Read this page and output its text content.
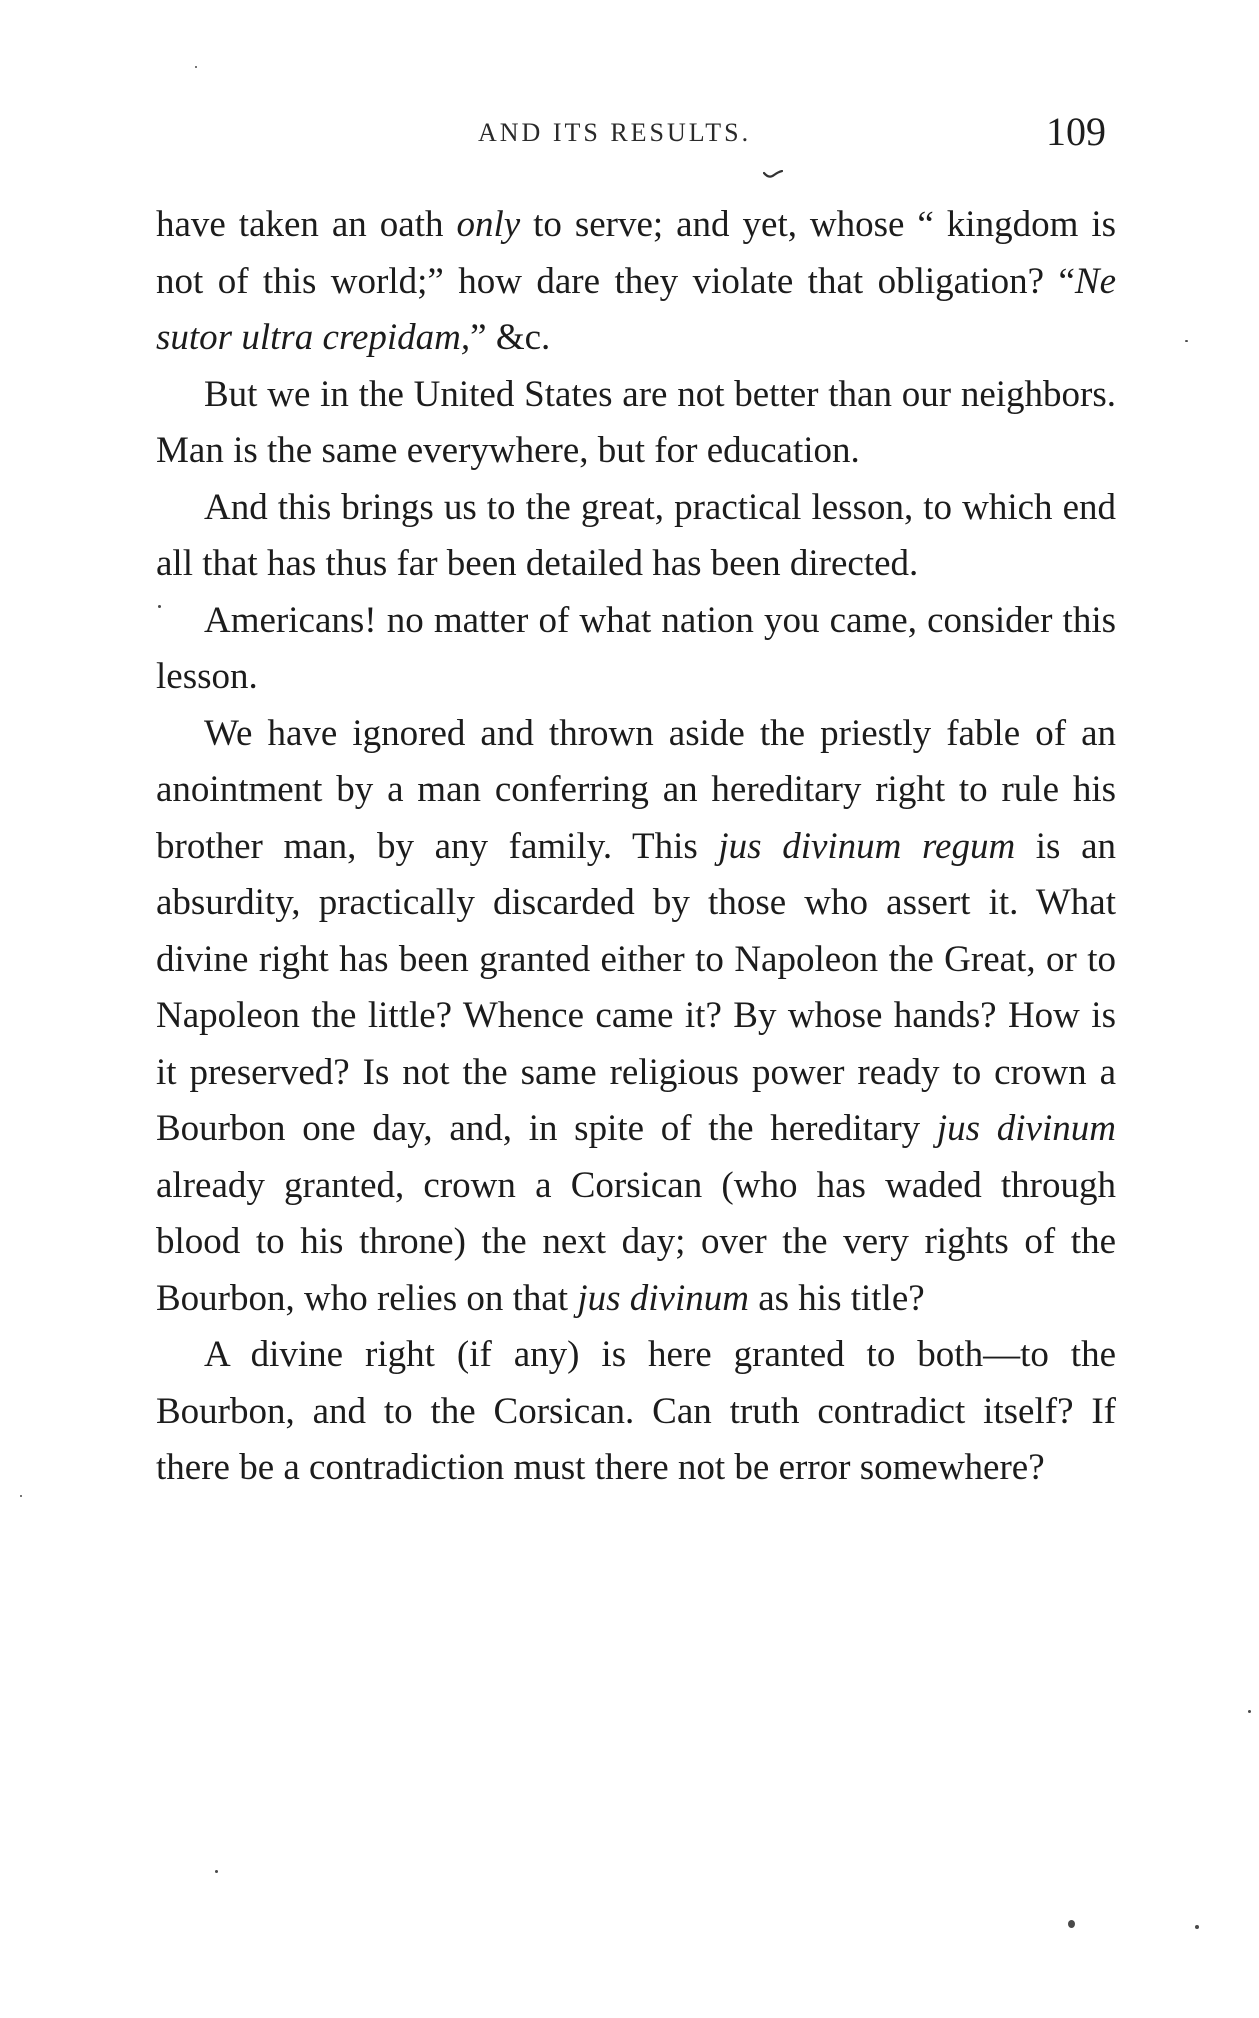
AND ITS RESULTS.	109

have taken an oath only to serve; and yet, whose “ kingdom is not of this world;” how dare they violate that obligation? “Ne sutor ultra crepidam,” &c.

But we in the United States are not better than our neighbors. Man is the same everywhere, but for education.

And this brings us to the great, practical lesson, to which end all that has thus far been detailed has been directed.

Americans! no matter of what nation you came, consider this lesson.

We have ignored and thrown aside the priestly fable of an anointment by a man conferring an hereditary right to rule his brother man, by any family. This jus divinum regum is an absurdity, practically discarded by those who assert it. What divine right has been granted either to Napoleon the Great, or to Napoleon the little? Whence came it? By whose hands? How is it preserved? Is not the same religious power ready to crown a Bourbon one day, and, in spite of the hereditary jus divinum already granted, crown a Corsican (who has waded through blood to his throne) the next day; over the very rights of the Bourbon, who relies on that jus divinum as his title?

A divine right (if any) is here granted to both—to the Bourbon, and to the Corsican. Can truth contradict itself? If there be a contradiction must there not be error somewhere?
